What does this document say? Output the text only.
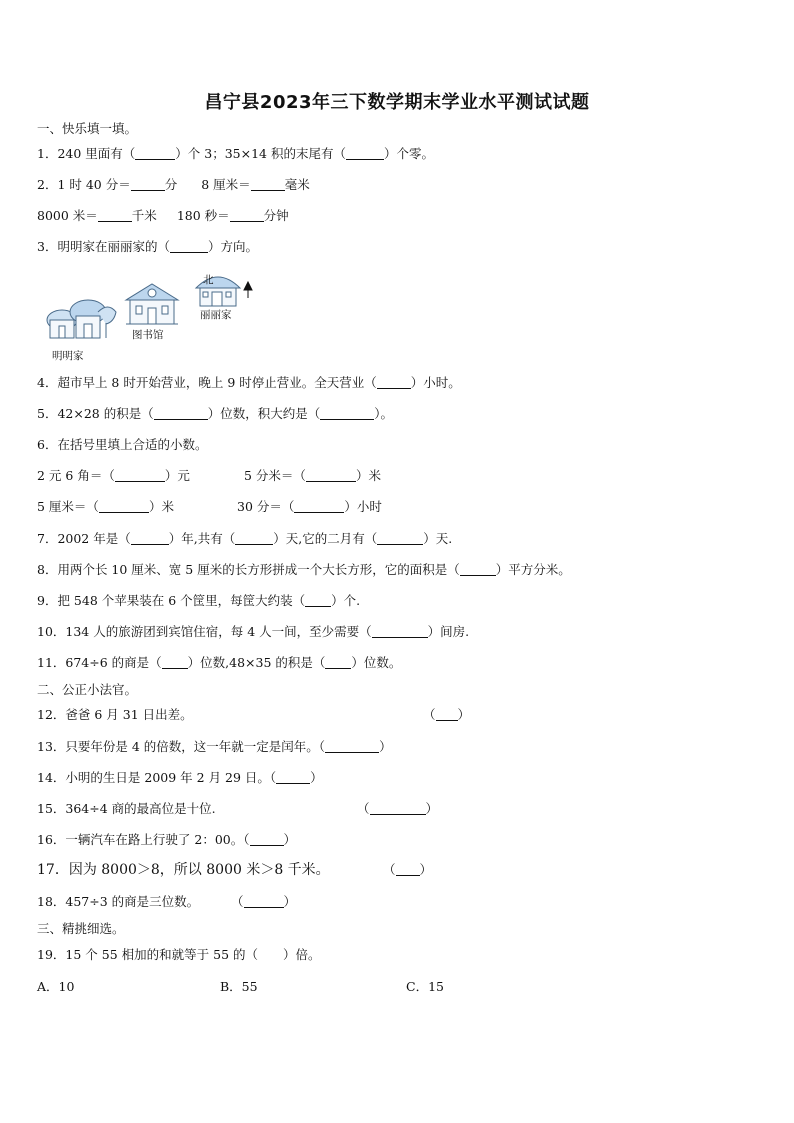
昌宁县2023年三下数学期末学业水平测试试题
一、快乐填一填。
1．240 里面有（	）个 3；35×14 积的末尾有（	）个零。
2．1 时 40 分＝	分 8 厘米＝	毫米
8000 米＝	千米 180 秒＝	分钟
3．明明家在丽丽家的（	）方向。
北
图书馆
丽丽家
明明家
4．超市早上 8 时开始营业，晚上 9 时停止营业。全天营业（	）小时。
5．42×28 的积是（	）位数，积大约是（	）。
6．在括号里填上合适的小数。
2 元 6 角＝（	）元	5 分米＝（	）米
5 厘米＝（	）米	30 分＝（	）小时
7．2002 年是（	）年,共有（	）天,它的二月有（	）天.
8．用两个长 10 厘米、宽 5 厘米的长方形拼成一个大长方形，它的面积是（	）平方分米。
9．把 548 个苹果装在 6 个筐里，每筐大约装（ ）个.
10．134 人的旅游团到宾馆住宿，每 4 人一间，至少需要（	）间房.
11．674÷6 的商是（ ）位数,48×35 的积是（ ）位数。
二、公正小法官。
12．爸爸 6 月 31 日出差。	（ ）
13．只要年份是 4 的倍数，这一年就一定是闰年。（	）
14．小明的生日是 2009 年 2 月 29 日。（	）
15．364÷4 商的最高位是十位.	（	）
16．一辆汽车在路上行驶了 2：00。（	）
17．因为 8000＞8，所以 8000 米＞8 千米。	（ ）
18．457÷3 的商是三位数。	（	）
三、精挑细选。
19．15 个 55 相加的和就等于 55 的（　　）倍。
A．10	B．55	C．15
